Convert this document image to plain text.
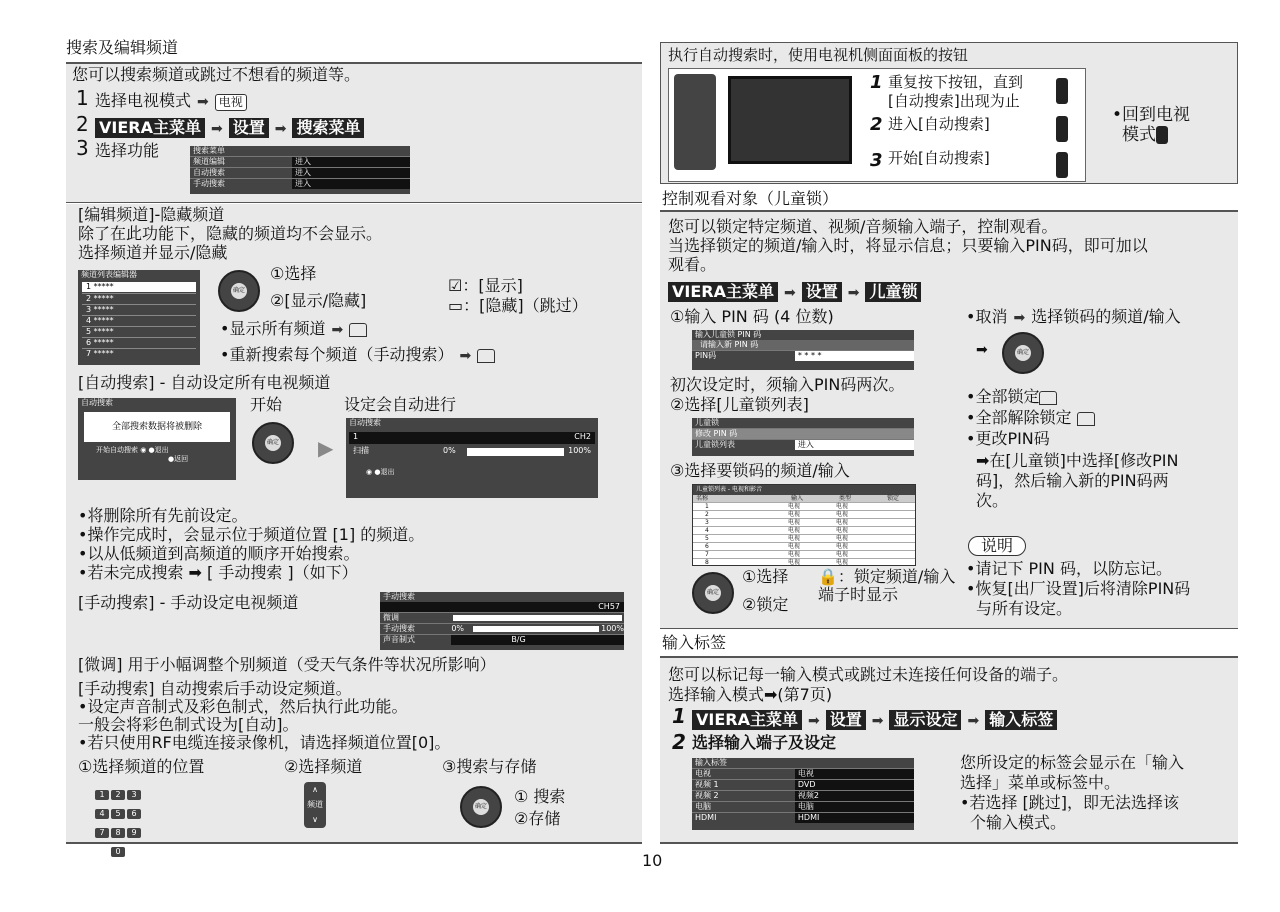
搜索及编辑频道
您可以搜索频道或跳过不想看的频道等。
1 选择电视模式 ➡ 电视
2 VIERA主菜单 ➡ 设置 ➡ 搜索菜单
3 选择功能	搜索菜单
频道编辑	进入
自动搜索	进入
手动搜索	进入
[编辑频道]-隐藏频道
除了在此功能下，隐藏的频道均不会显示。
选择频道并显示/隐藏
频道列表编辑器
1 *****
2 *****
3 *****
4 *****
5 *****
6 *****
7 *****
确定
①选择
②[显示/隐藏]
☑：[显示]
▭：[隐藏]（跳过）
•显示所有频道 ➡
•重新搜索每个频道（手动搜索） ➡
[自动搜索] - 自动设定所有电视频道
开始	设定会自动进行
自动搜索
全部搜索数据将被删除
开始自动搜索 ◉ ●退出
●返回
确定 ▶
自动搜索
1	CH2
扫描	0%	100%
◉ ●退出
•将删除所有先前设定。
•操作完成时，会显示位于频道位置 [1] 的频道。
•以从低频道到高频道的顺序开始搜索。
•若未完成搜索 ➡ [ 手动搜索 ]（如下）
[手动搜索] - 手动设定电视频道	手动搜索
CH57
微调
手动搜索	0%	100%
声音制式	B/G
[微调] 用于小幅调整个别频道（受天气条件等状况所影响）
[手动搜索] 自动搜索后手动设定频道。
•设定声音制式及彩色制式，然后执行此功能。
一般会将彩色制式设为[自动]。
•若只使用RF电缆连接录像机，请选择频道位置[0]。
①选择频道的位置	②选择频道	③搜索与存储
1 2 34 5 67 8 90
∧
频道
∨
确定
① 搜索
②存储
执行自动搜索时，使用电视机侧面面板的按钮
1 重复按下按钮，直到
[自动搜索]出现为止
2 进入[自动搜索]
3 开始[自动搜索]
•回到电视
模式
控制观看对象（儿童锁）
您可以锁定特定频道、视频/音频输入端子，控制观看。
当选择锁定的频道/输入时，将显示信息；只要输入PIN码，即可加以
观看。
VIERA主菜单 ➡ 设置 ➡ 儿童锁
①输入 PIN 码 (4 位数)
输入儿童锁 PIN 码
请输入新 PIN 码
PIN码	* * * *
初次设定时，须输入PIN码两次。
②选择[儿童锁列表]
儿童锁
修改 PIN 码
儿童锁列表	进入
③选择要锁码的频道/输入
儿童锁列表 - 电视和影音
名称	输入	类型	锁定
1	电视	电视
2	电视	电视
3	电视	电视
4	电视	电视
5	电视	电视
6	电视	电视
7	电视	电视
8	电视	电视
确定
①选择
②锁定
🔒：锁定频道/输入端子时显示
•取消 ➡ 选择锁码的频道/输入
➡	确定
•全部锁定
•全部解除锁定
•更改PIN码
➡在[儿童锁]中选择[修改PIN
码]，然后输入新的PIN码两
次。
说明
•请记下 PIN 码，以防忘记。
•恢复[出厂设置]后将清除PIN码
与所有设定。
输入标签
您可以标记每一输入模式或跳过未连接任何设备的端子。
选择输入模式➡(第7页)
1 VIERA主菜单 ➡ 设置 ➡ 显示设定 ➡ 输入标签
2 选择输入端子及设定
输入标签
电视	电视
视频 1	DVD
视频 2	视频2
电脑	电脑
HDMI	HDMI
您所设定的标签会显示在「输入
选择」菜单或标签中。
•若选择 [跳过]，即无法选择该
个输入模式。
10
